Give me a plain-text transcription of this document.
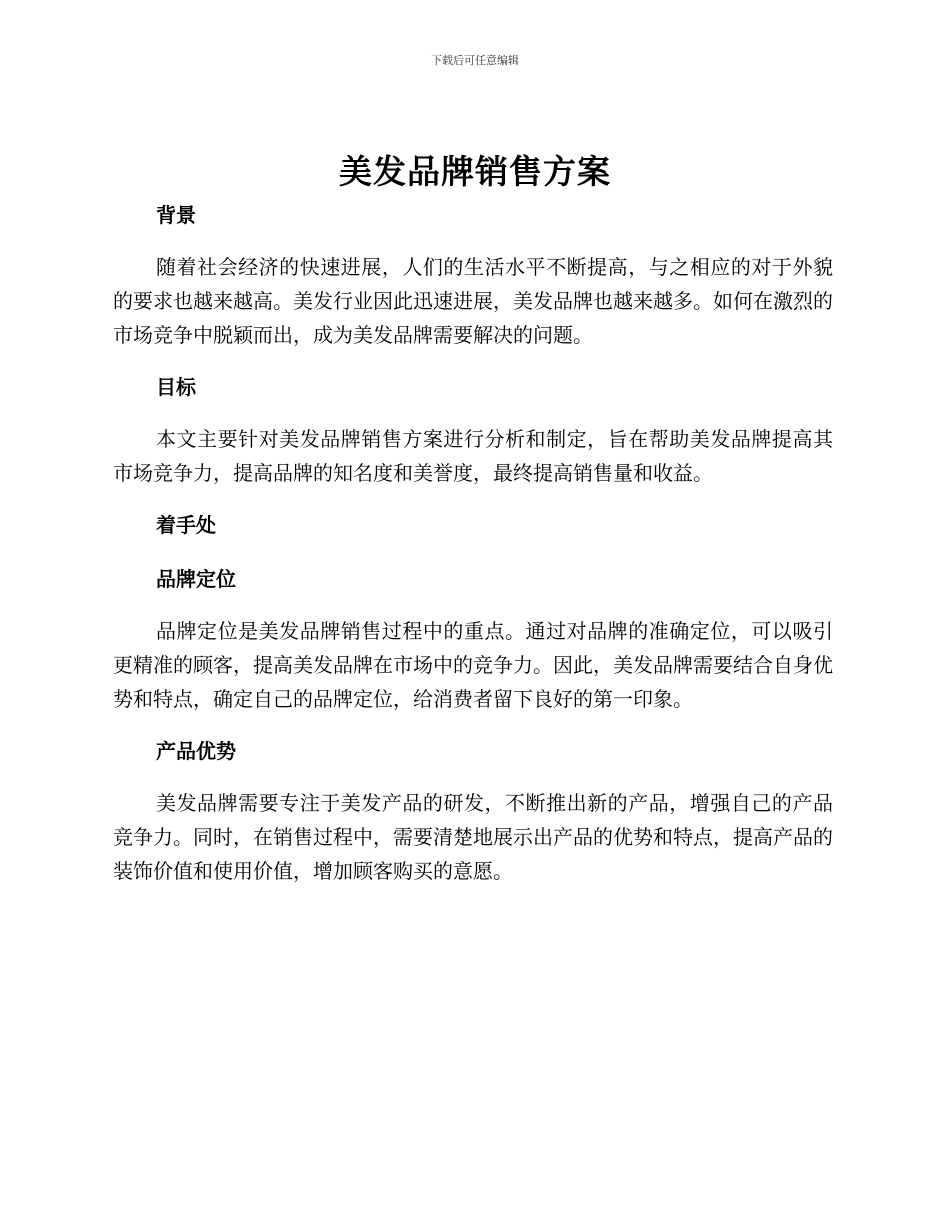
下载后可任意编辑
美发品牌销售方案

背景

随着社会经济的快速进展，人们的生活水平不断提高，与之相应的对于外貌的要求也越来越高。美发行业因此迅速进展，美发品牌也越来越多。如何在激烈的市场竞争中脱颖而出，成为美发品牌需要解决的问题。

目标

本文主要针对美发品牌销售方案进行分析和制定，旨在帮助美发品牌提高其市场竞争力，提高品牌的知名度和美誉度，最终提高销售量和收益。

着手处

品牌定位

品牌定位是美发品牌销售过程中的重点。通过对品牌的准确定位，可以吸引更精准的顾客，提高美发品牌在市场中的竞争力。因此，美发品牌需要结合自身优势和特点，确定自己的品牌定位，给消费者留下良好的第一印象。

产品优势

美发品牌需要专注于美发产品的研发，不断推出新的产品，增强自己的产品竞争力。同时，在销售过程中，需要清楚地展示出产品的优势和特点，提高产品的装饰价值和使用价值，增加顾客购买的意愿。
